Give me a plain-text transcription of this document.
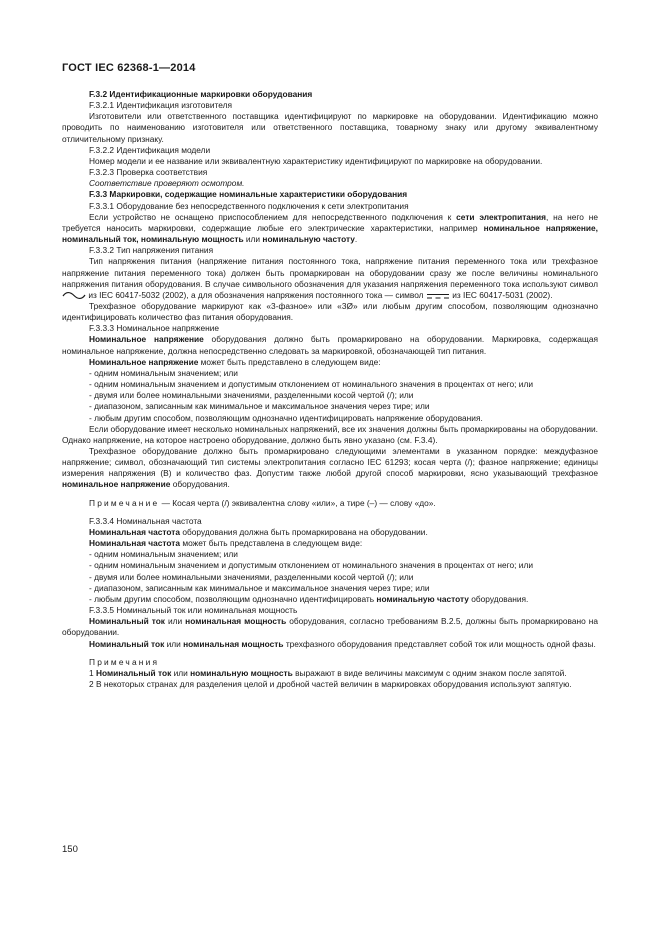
ГОСТ IEC 62368-1—2014

F.3.2 Идентификационные маркировки оборудования

F.3.2.1 Идентификация изготовителя

Изготовители или ответственного поставщика идентифицируют по маркировке на оборудовании. Идентификацию можно проводить по наименованию изготовителя или ответственного поставщика, товарному знаку или другому эквивалентному отличительному признаку.

F.3.2.2 Идентификация модели

Номер модели и ее название или эквивалентную характеристику идентифицируют по маркировке на оборудовании.

F.3.2.3 Проверка соответствия

Соответствие проверяют осмотром.

F.3.3 Маркировки, содержащие номинальные характеристики оборудования

F.3.3.1 Оборудование без непосредственного подключения к сети электропитания

Если устройство не оснащено приспособлением для непосредственного подключения к сети электропитания, на него не требуется наносить маркировки, содержащие любые его электрические характеристики, например номинальное напряжение, номинальный ток, номинальную мощность или номинальную частоту.

F.3.3.2 Тип напряжения питания

Тип напряжения питания (напряжение питания постоянного тока, напряжение питания переменного тока или трехфазное напряжение питания переменного тока) должен быть промаркирован на оборудовании сразу же после величины номинального напряжения питания оборудования. В случае символьного обозначения для указания напряжения переменного тока используют символ  из IEC 60417-5032 (2002), а для обозначения напряжения постоянного тока — символ	из IEC 60417-5031 (2002).

Трехфазное оборудование маркируют как «3-фазное» или «3Ø» или любым другим способом, позволяющим однозначно идентифицировать количество фаз питания оборудования.

F.3.3.3 Номинальное напряжение

Номинальное напряжение оборудования должно быть промаркировано на оборудовании. Маркировка, содержащая номинальное напряжение, должна непосредственно следовать за маркировкой, обозначающей тип питания.

Номинальное напряжение может быть представлено в следующем виде:

- одним номинальным значением; или

- одним номинальным значением и допустимым отклонением от номинального значения в процентах от него; или

- двумя или более номинальными значениями, разделенными косой чертой (/); или

- диапазоном, записанным как минимальное и максимальное значения через тире; или

- любым другим способом, позволяющим однозначно идентифицировать напряжение оборудования.

Если оборудование имеет несколько номинальных напряжений, все их значения должны быть промаркированы на оборудовании. Однако напряжение, на которое настроено оборудование, должно быть явно указано (см. F.3.4).

Трехфазное оборудование должно быть промаркировано следующими элементами в указанном порядке: междуфазное напряжение; символ, обозначающий тип системы электропитания согласно IEC 61293; косая черта (/); фазное напряжение; единицы измерения напряжения (В) и количество фаз. Допустим также любой другой способ маркировки, ясно указывающий трехфазное номинальное напряжение оборудования.

Примечание — Косая черта (/) эквивалентна слову «или», а тире (–) — слову «до».

F.3.3.4 Номинальная частота

Номинальная частота оборудования должна быть промаркирована на оборудовании.

Номинальная частота может быть представлена в следующем виде:

- одним номинальным значением; или

- одним номинальным значением и допустимым отклонением от номинального значения в процентах от него; или

- двумя или более номинальными значениями, разделенными косой чертой (/); или

- диапазоном, записанным как минимальное и максимальное значения через тире; или

- любым другим способом, позволяющим однозначно идентифицировать номинальную частоту оборудования.

F.3.3.5 Номинальный ток или номинальная мощность

Номинальный ток или номинальная мощность оборудования, согласно требованиям B.2.5, должны быть промаркировано на оборудовании.

Номинальный ток или номинальная мощность трехфазного оборудования представляет собой ток или мощность одной фазы.

Примечания

1 Номинальный ток или номинальную мощность выражают в виде величины максимум с одним знаком после запятой.

2 В некоторых странах для разделения целой и дробной частей величин в маркировках оборудования используют запятую.

150
